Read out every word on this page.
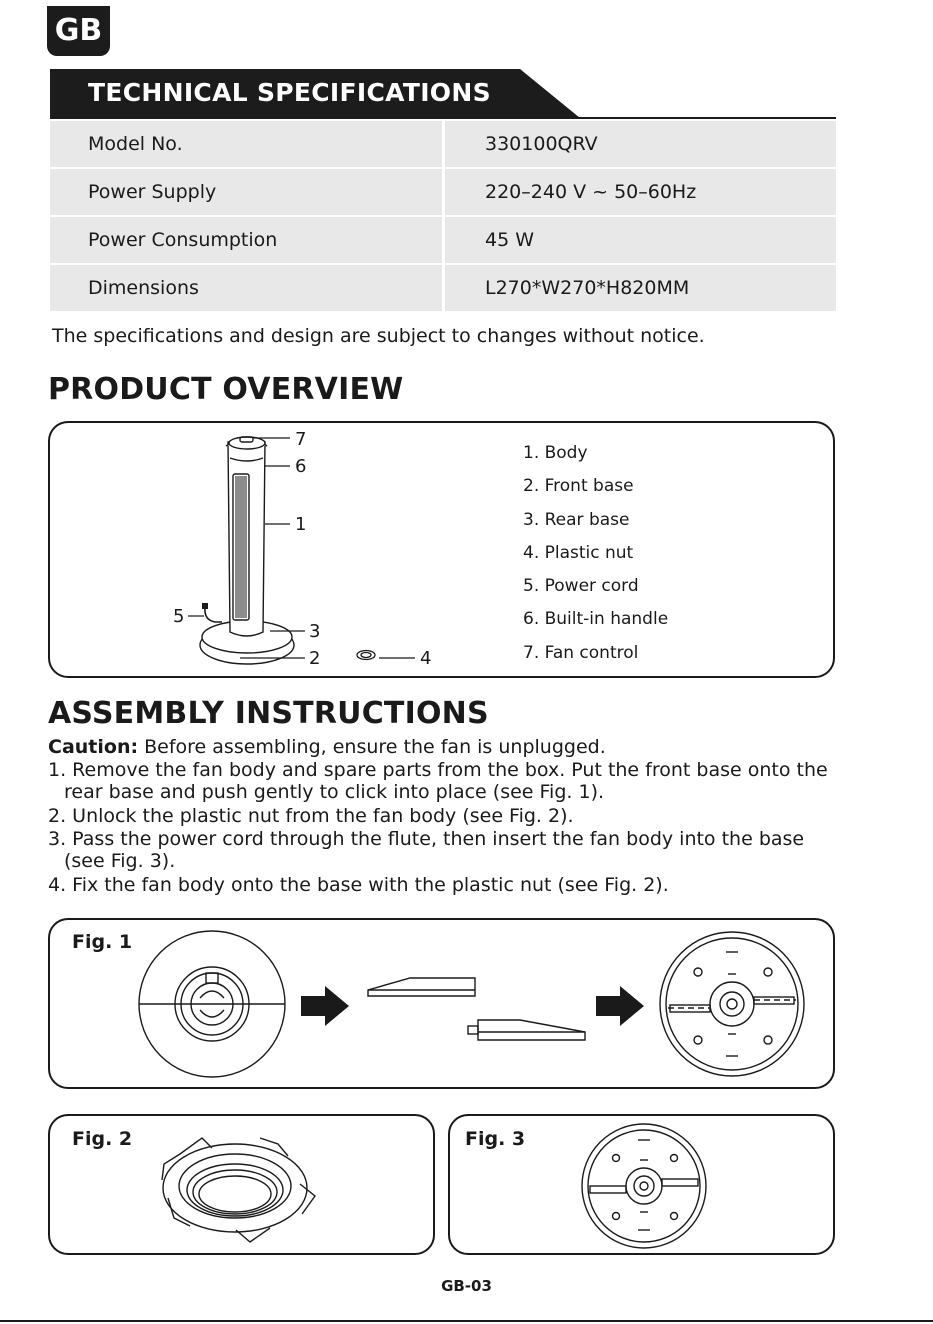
GB
TECHNICAL SPECIFICATIONS
Model No.	330100QRV
Power Supply	220–240 V ~ 50–60Hz
Power Consumption	45 W
Dimensions	L270*W270*H820MM
The specifications and design are subject to changes without notice.
PRODUCT OVERVIEW
7
6
1
5
3
2	4
1. Body
2. Front base
3. Rear base
4. Plastic nut
5. Power cord
6. Built-in handle
7. Fan control
ASSEMBLY INSTRUCTIONS

Caution: Before assembling, ensure the fan is unplugged.

1. Remove the fan body and spare parts from the box. Put the front base onto the

rear base and push gently to click into place (see Fig. 1).

2. Unlock the plastic nut from the fan body (see Fig. 2).

3. Pass the power cord through the flute, then insert the fan body into the base

(see Fig. 3).

4. Fix the fan body onto the base with the plastic nut (see Fig. 2).

Fig. 1
Fig. 2	Fig. 3
GB-03
